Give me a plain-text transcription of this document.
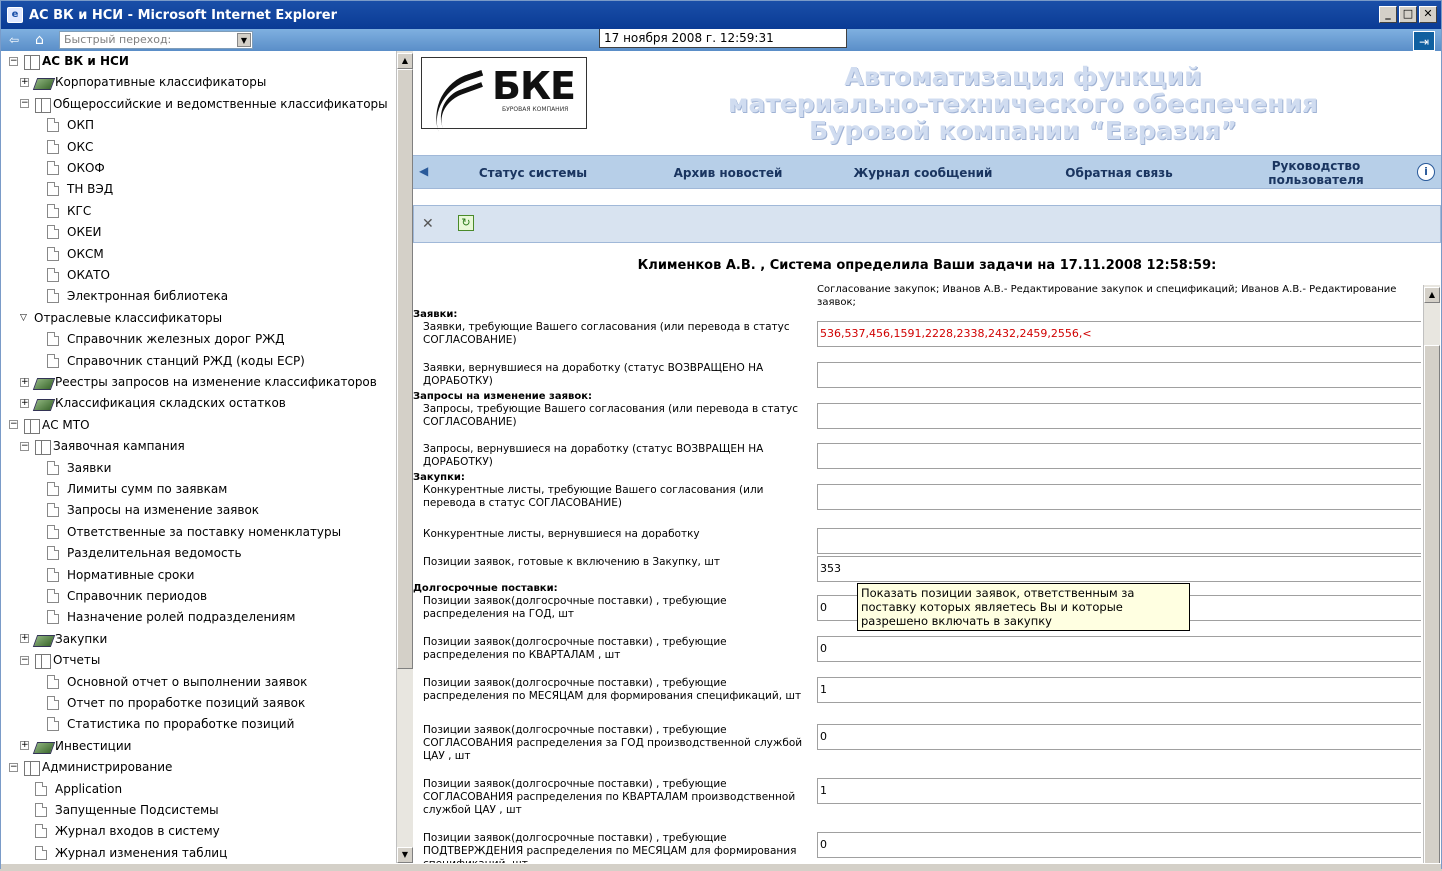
e АС ВК и НСИ - Microsoft Internet Explorer	_	□ ✕
⇦	⌂	Быстрый переход:	▼	17 ноября 2008 г. 12:59:31	⇥
− АС ВК и НСИ
+ Корпоративные классификаторы
− Общероссийские и ведомственные классификаторы
ОКП
ОКС
ОКОФ
ТН ВЭД
КГС
ОКЕИ
ОКСМ
ОКАТО
Электронная библиотека
▽ Отраслевые классификаторы
Справочник железных дорог РЖД
Справочник станций РЖД (коды ЕСР)
+ Реестры запросов на изменение классификаторов
+ Классификация складских остатков
− АС МТО
− Заявочная кампания
Заявки
Лимиты сумм по заявкам
Запросы на изменение заявок
Ответственные за поставку номенклатуры
Разделительная ведомость
Нормативные сроки
Справочник периодов
Назначение ролей подразделениям
+ Закупки
− Отчеты
Основной отчет о выполнении заявок
Отчет по проработке позиций заявок
Статистика по проработке позиций
+ Инвестиции
− Администрирование
Application
Запущенные Подсистемы
Журнал входов в систему
Журнал изменения таблиц
▲
▼
БКЕ
БУРОВАЯ КОМПАНИЯ
Автоматизация функций
материально-технического обеспечения
Буровой компании “Евразия”
◀	Статус системы	Архив новостей	Журнал сообщений	Обратная связь	Руководство пользователя
i
✕	↻
Клименков А.В. , Система определила Ваши задачи на 17.11.2008 12:58:59:
Согласование закупок; Иванов А.В.- Редактирование закупок и спецификаций; Иванов А.В.- Редактирование заявок;
Заявки:
Заявки, требующие Вашего согласования (или перевода в статус СОГЛАСОВАНИЕ)	536,537,456,1591,2228,2338,2432,2459,2556,<
Заявки, вернувшиеся на доработку (статус ВОЗВРАЩЕНО НА ДОРАБОТКУ)
Запросы на изменение заявок:
Запросы, требующие Вашего согласования (или перевода в статус СОГЛАСОВАНИЕ)
Запросы, вернувшиеся на доработку (статус ВОЗВРАЩЕН НА ДОРАБОТКУ)
Закупки:
Конкурентные листы, требующие Вашего согласования (или перевода в статус СОГЛАСОВАНИЕ)
Конкурентные листы, вернувшиеся на доработку
Позиции заявок, готовые к включению в Закупку, шт	353
Долгосрочные поставки:
Позиции заявок(долгосрочные поставки) , требующие распределения на ГОД, шт	0
Позиции заявок(долгосрочные поставки) , требующие распределения по КВАРТАЛАМ , шт	0
Позиции заявок(долгосрочные поставки) , требующие распределения по МЕСЯЦАМ для формирования спецификаций, шт	1
Позиции заявок(долгосрочные поставки) , требующие СОГЛАСОВАНИЯ распределения за ГОД производственной службой ЦАУ , шт
0
Позиции заявок(долгосрочные поставки) , требующие СОГЛАСОВАНИЯ распределения по КВАРТАЛАМ производственной службой ЦАУ , шт
1
Позиции заявок(долгосрочные поставки) , требующие ПОДТВЕРЖДЕНИЯ распределения по МЕСЯЦАМ для формирования	0
▲
Показать позиции заявок, ответственным за поставку которых являетесь Вы и которые разрешено включать в закупку
